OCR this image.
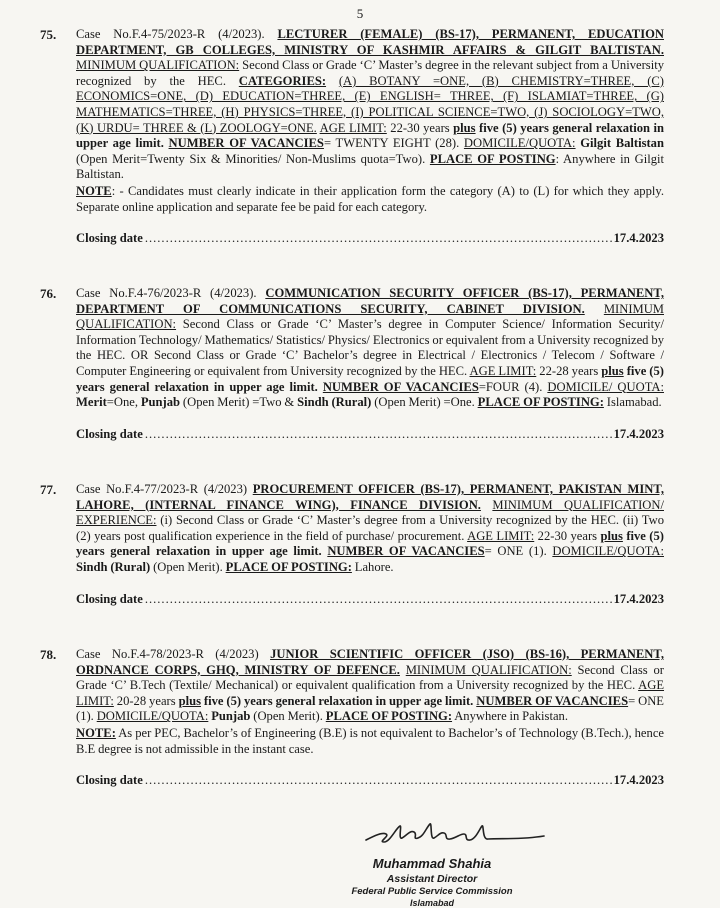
5
75. Case No.F.4-75/2023-R (4/2023). LECTURER (FEMALE) (BS-17), PERMANENT, EDUCATION DEPARTMENT, GB COLLEGES, MINISTRY OF KASHMIR AFFAIRS & GILGIT BALTISTAN. MINIMUM QUALIFICATION: Second Class or Grade ‘C’ Master’s degree in the relevant subject from a University recognized by the HEC. CATEGORIES: (A) BOTANY =ONE, (B) CHEMISTRY=THREE, (C) ECONOMICS=ONE, (D) EDUCATION=THREE, (E) ENGLISH= THREE, (F) ISLAMIAT=THREE, (G) MATHEMATICS=THREE, (H) PHYSICS=THREE, (I) POLITICAL SCIENCE=TWO, (J) SOCIOLOGY=TWO, (K) URDU= THREE & (L) ZOOLOGY=ONE. AGE LIMIT: 22-30 years plus five (5) years general relaxation in upper age limit. NUMBER OF VACANCIES= TWENTY EIGHT (28). DOMICILE/QUOTA: Gilgit Baltistan (Open Merit=Twenty Six & Minorities/ Non-Muslims quota=Two). PLACE OF POSTING: Anywhere in Gilgit Baltistan.
NOTE: - Candidates must clearly indicate in their application form the category (A) to (L) for which they apply. Separate online application and separate fee be paid for each category.
Closing date .....	17.4.2023
76. Case No.F.4-76/2023-R (4/2023). COMMUNICATION SECURITY OFFICER (BS-17), PERMANENT, DEPARTMENT OF COMMUNICATIONS SECURITY, CABINET DIVISION. MINIMUM QUALIFICATION: Second Class or Grade ‘C’ Master’s degree in Computer Science/ Information Security/ Information Technology/ Mathematics/ Statistics/ Physics/ Electronics or equivalent from a University recognized by the HEC. OR Second Class or Grade ‘C’ Bachelor’s degree in Electrical / Electronics / Telecom / Software / Computer Engineering or equivalent from University recognized by the HEC. AGE LIMIT: 22-28 years plus five (5) years general relaxation in upper age limit. NUMBER OF VACANCIES=FOUR (4). DOMICILE/ QUOTA: Merit=One, Punjab (Open Merit) =Two & Sindh (Rural) (Open Merit) =One. PLACE OF POSTING: Islamabad.
Closing date .....	17.4.2023
77. Case No.F.4-77/2023-R (4/2023) PROCUREMENT OFFICER (BS-17), PERMANENT, PAKISTAN MINT, LAHORE, (INTERNAL FINANCE WING), FINANCE DIVISION. MINIMUM QUALIFICATION/ EXPERIENCE: (i) Second Class or Grade ‘C’ Master’s degree from a University recognized by the HEC. (ii) Two (2) years post qualification experience in the field of purchase/ procurement. AGE LIMIT: 22-30 years plus five (5) years general relaxation in upper age limit. NUMBER OF VACANCIES= ONE (1). DOMICILE/QUOTA: Sindh (Rural) (Open Merit). PLACE OF POSTING: Lahore.
Closing date .....	17.4.2023
78. Case No.F.4-78/2023-R (4/2023) JUNIOR SCIENTIFIC OFFICER (JSO) (BS-16), PERMANENT, ORDNANCE CORPS, GHQ, MINISTRY OF DEFENCE. MINIMUM QUALIFICATION: Second Class or Grade ‘C’ B.Tech (Textile/ Mechanical) or equivalent qualification from a University recognized by the HEC. AGE LIMIT: 20-28 years plus five (5) years general relaxation in upper age limit. NUMBER OF VACANCIES= ONE (1). DOMICILE/QUOTA: Punjab (Open Merit). PLACE OF POSTING: Anywhere in Pakistan.
NOTE: As per PEC, Bachelor’s of Engineering (B.E) is not equivalent to Bachelor’s of Technology (B.Tech.), hence B.E degree is not admissible in the instant case.
Closing date .....	17.4.2023
Muhammad Shahia
Assistant Director
Federal Public Service Commission
Islamabad
